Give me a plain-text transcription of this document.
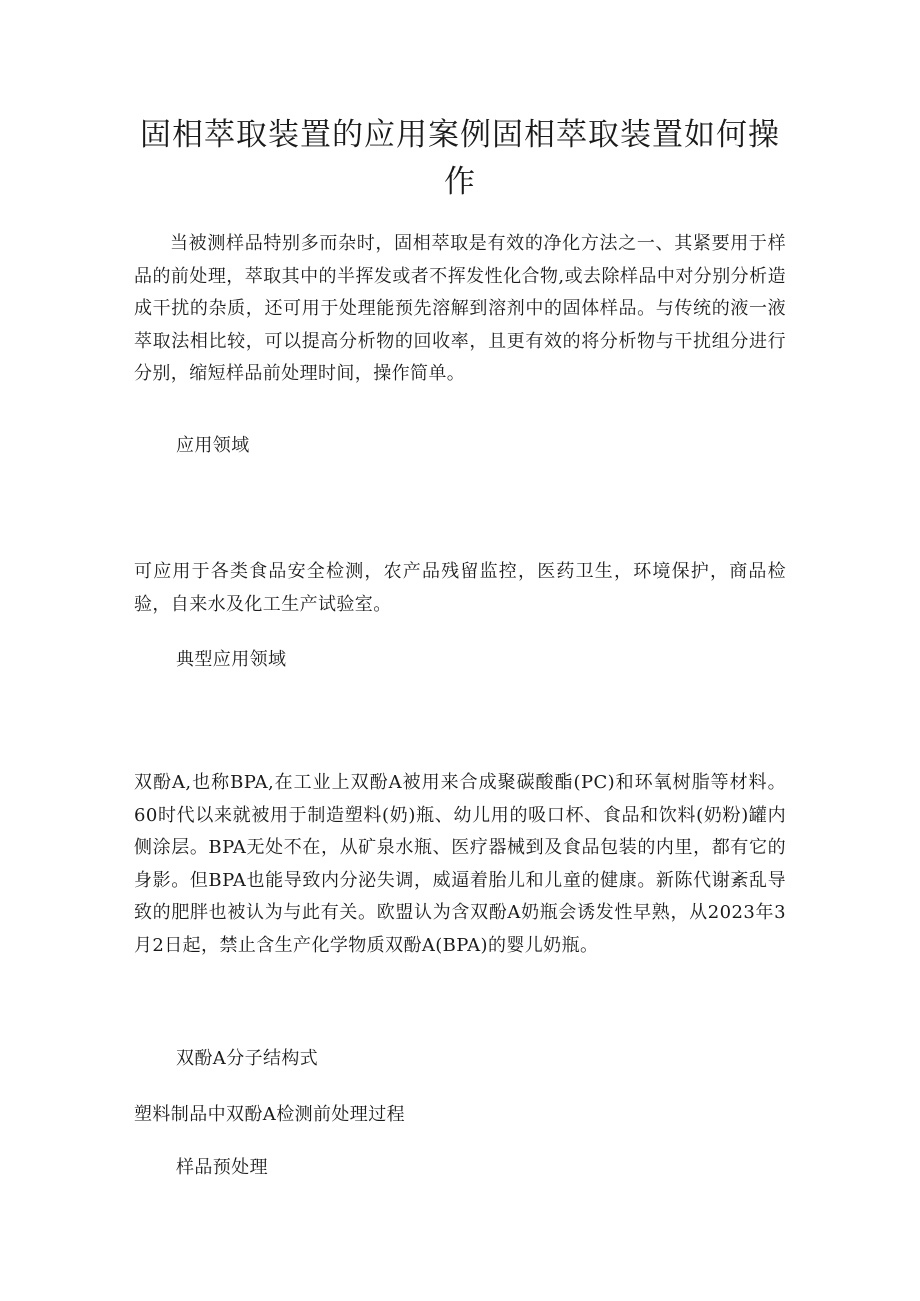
固相萃取装置的应用案例固相萃取装置如何操作

当被测样品特别多而杂时，固相萃取是有效的净化方法之一、其紧要用于样品的前处理，萃取其中的半挥发或者不挥发性化合物,或去除样品中对分别分析造成干扰的杂质，还可用于处理能预先溶解到溶剂中的固体样品。与传统的液一液萃取法相比较，可以提高分析物的回收率，且更有效的将分析物与干扰组分进行分别，缩短样品前处理时间，操作简单。

应用领域

可应用于各类食品安全检测，农产品残留监控，医药卫生，环境保护，商品检验，自来水及化工生产试验室。

典型应用领域

双酚A,也称BPA,在工业上双酚A被用来合成聚碳酸酯(PC)和环氧树脂等材料。60时代以来就被用于制造塑料(奶)瓶、幼儿用的吸口杯、食品和饮料(奶粉)罐内侧涂层。BPA无处不在，从矿泉水瓶、医疗器械到及食品包装的内里，都有它的身影。但BPA也能导致内分泌失调，威逼着胎儿和儿童的健康。新陈代谢紊乱导致的肥胖也被认为与此有关。欧盟认为含双酚A奶瓶会诱发性早熟，从2023年3月2日起，禁止含生产化学物质双酚A(BPA)的婴儿奶瓶。

双酚A分子结构式

塑料制品中双酚A检测前处理过程

样品预处理
